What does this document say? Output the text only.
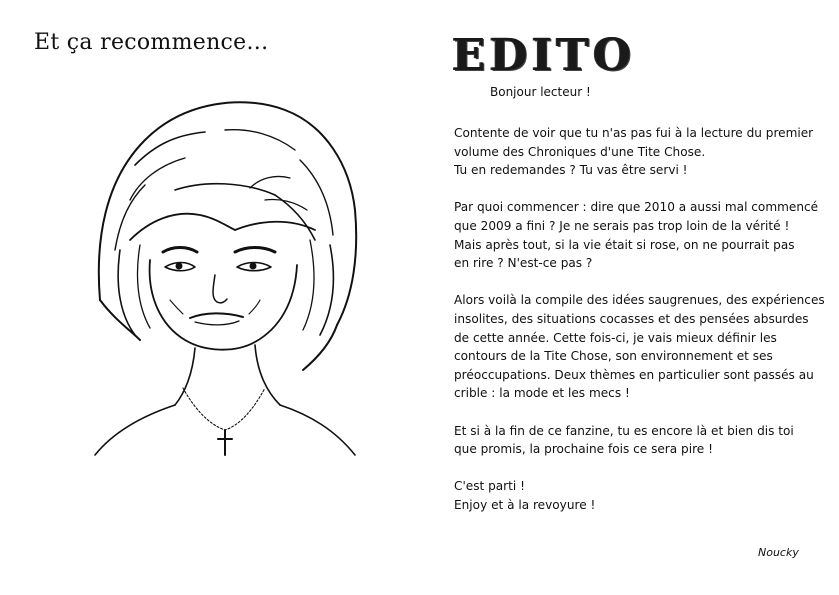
Et ça recommence...	EDITO
Bonjour lecteur !

Contente de voir que tu n'as pas fui à la lecture du premier
volume des Chroniques d'une Tite Chose.
Tu en redemandes ? Tu vas être servi !

Par quoi commencer : dire que 2010 a aussi mal commencé
que 2009 a fini ? Je ne serais pas trop loin de la vérité !
Mais après tout, si la vie était si rose, on ne pourrait pas
en rire ? N'est-ce pas ?

Alors voilà la compile des idées saugrenues, des expériences
insolites, des situations cocasses et des pensées absurdes
de cette année. Cette fois-ci, je vais mieux définir les
contours de la Tite Chose, son environnement et ses
préoccupations. Deux thèmes en particulier sont passés au
crible : la mode et les mecs !

Et si à la fin de ce fanzine, tu es encore là et bien dis toi
que promis, la prochaine fois ce sera pire !

C'est parti !
Enjoy et à la revoyure !

Noucky
